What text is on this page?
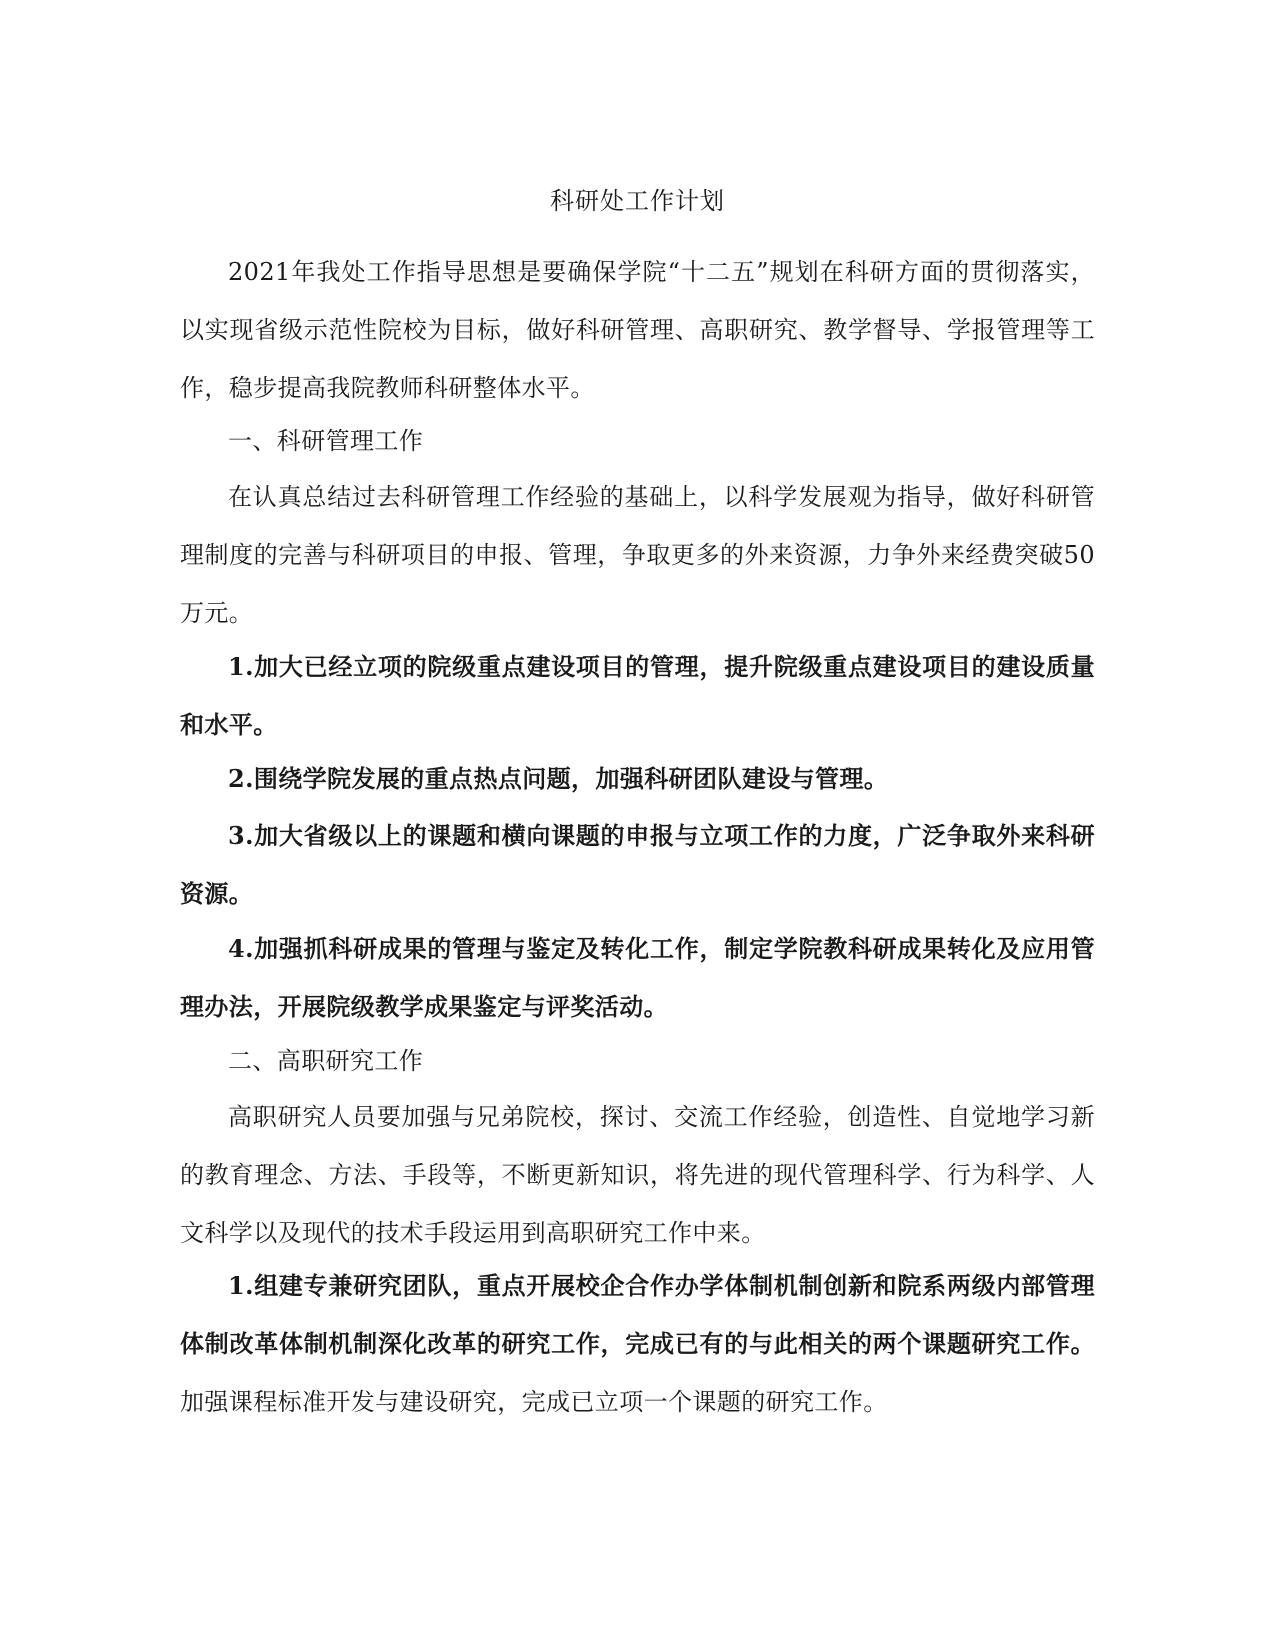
科研处工作计划

2021年我处工作指导思想是要确保学院“十二五”规划在科研方面的贯彻落实，以实现省级示范性院校为目标，做好科研管理、高职研究、教学督导、学报管理等工作，稳步提高我院教师科研整体水平。

一、科研管理工作

在认真总结过去科研管理工作经验的基础上，以科学发展观为指导，做好科研管理制度的完善与科研项目的申报、管理，争取更多的外来资源，力争外来经费突破50万元。

1.加大已经立项的院级重点建设项目的管理，提升院级重点建设项目的建设质量和水平。

2.围绕学院发展的重点热点问题，加强科研团队建设与管理。

3.加大省级以上的课题和横向课题的申报与立项工作的力度，广泛争取外来科研资源。

4.加强抓科研成果的管理与鉴定及转化工作，制定学院教科研成果转化及应用管理办法，开展院级教学成果鉴定与评奖活动。

二、高职研究工作

高职研究人员要加强与兄弟院校，探讨、交流工作经验，创造性、自觉地学习新的教育理念、方法、手段等，不断更新知识，将先进的现代管理科学、行为科学、人文科学以及现代的技术手段运用到高职研究工作中来。

1.组建专兼研究团队，重点开展校企合作办学体制机制创新和院系两级内部管理体制改革体制机制深化改革的研究工作，完成已有的与此相关的两个课题研究工作。加强课程标准开发与建设研究，完成已立项一个课题的研究工作。
